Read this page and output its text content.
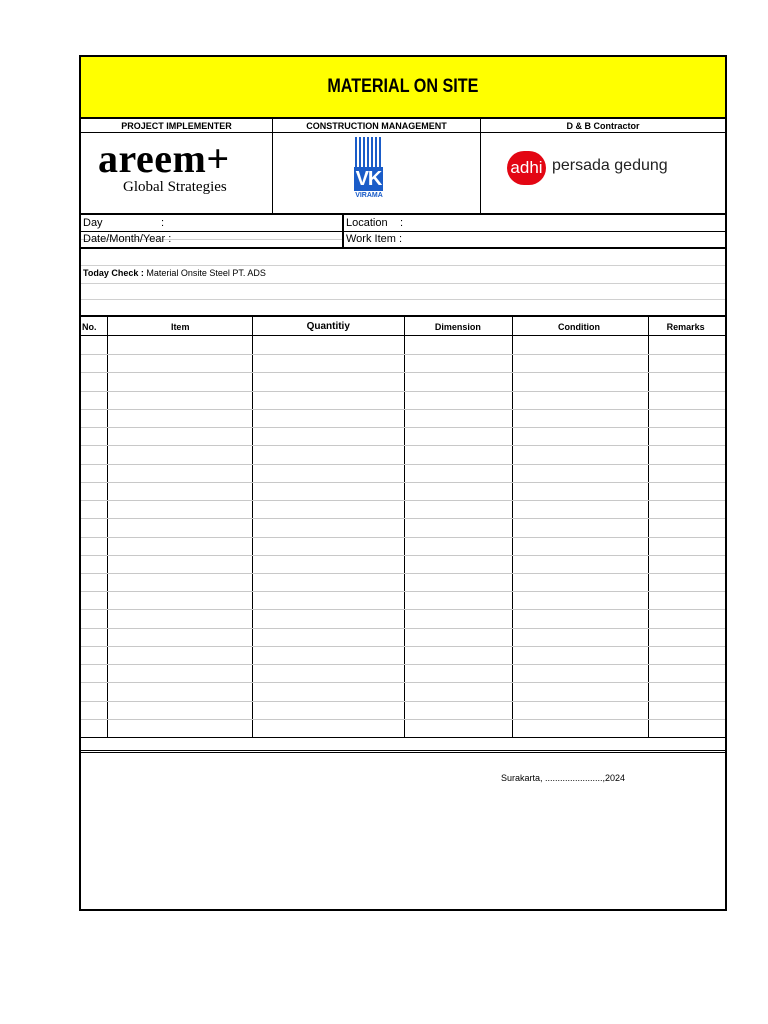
MATERIAL ON SITE
PROJECT IMPLEMENTER	CONSTRUCTION MANAGEMENT	D & B Contractor
areem+
Global Strategies	VK
VIRAMA
adhi persada gedung
Day	:
Date/Month/Year :
Location :
Work Item :
Today Check : Material Onsite Steel PT. ADS
No.	Item	Quantitiy	Dimension	Condition	Remarks
Surakarta, .......................,2024
